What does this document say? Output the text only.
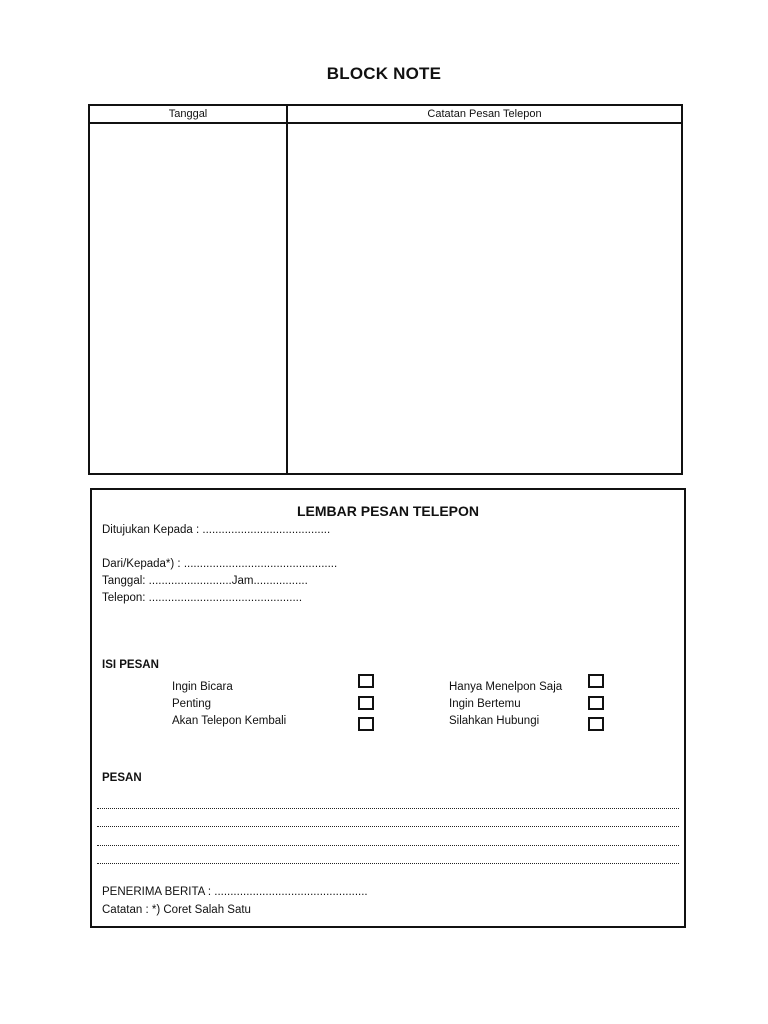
BLOCK NOTE
Tanggal	Catatan Pesan Telepon
LEMBAR PESAN TELEPON
Ditujukan Kepada : ........................................
Dari/Kepada*) : ................................................
Tanggal: ..........................Jam.................
Telepon: ................................................
ISI PESAN
Ingin Bicara
Penting
Akan Telepon Kembali
Hanya Menelpon Saja
Ingin Bertemu
Silahkan Hubungi
PESAN
PENERIMA BERITA : ................................................
Catatan : *) Coret Salah Satu
